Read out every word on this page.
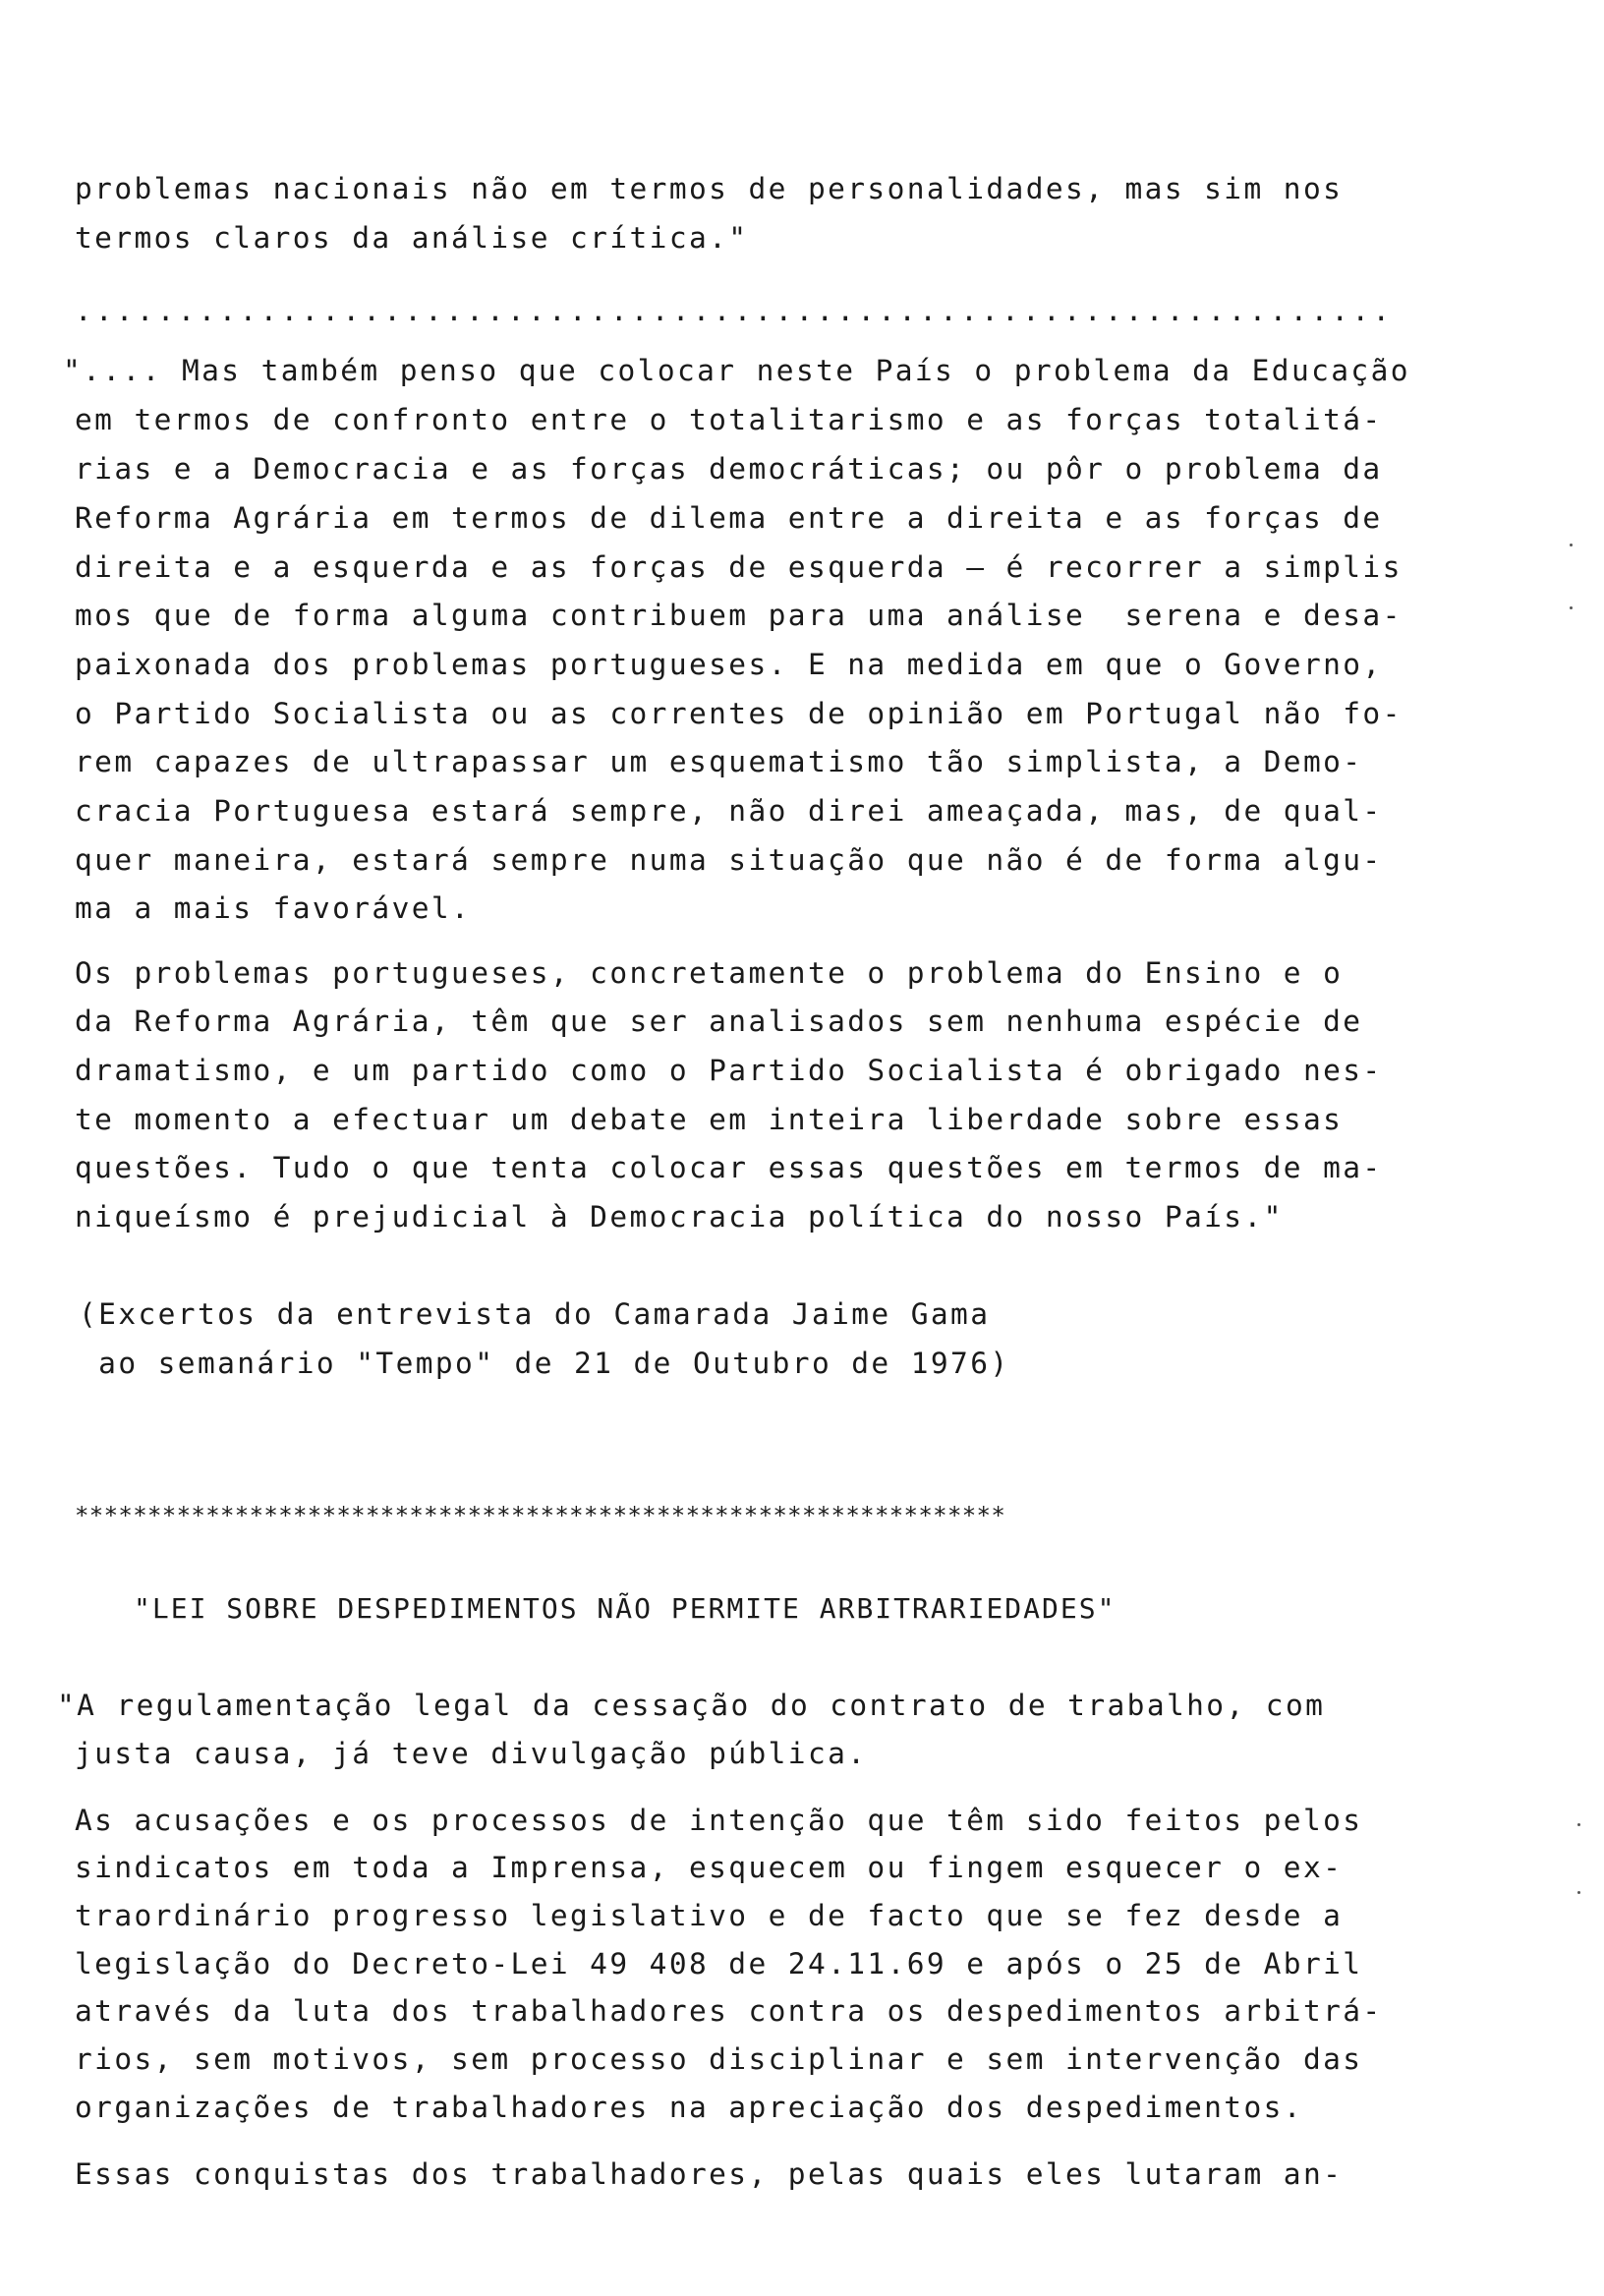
problemas nacionais não em termos de personalidades, mas sim nos
termos claros da análise crítica."
................................................................
".... Mas também penso que colocar neste País o problema da Educação
em termos de confronto entre o totalitarismo e as forças totalitá-
rias e a Democracia e as forças democráticas; ou pôr o problema da
Reforma Agrária em termos de dilema entre a direita e as forças de
direita e a esquerda e as forças de esquerda — é recorrer a simplis
mos que de forma alguma contribuem para uma análise  serena e desa-
paixonada dos problemas portugueses. E na medida em que o Governo,
o Partido Socialista ou as correntes de opinião em Portugal não fo-
rem capazes de ultrapassar um esquematismo tão simplista, a Demo-
cracia Portuguesa estará sempre, não direi ameaçada, mas, de qual-
quer maneira, estará sempre numa situação que não é de forma algu-
ma a mais favorável.
Os problemas portugueses, concretamente o problema do Ensino e o
da Reforma Agrária, têm que ser analisados sem nenhuma espécie de
dramatismo, e um partido como o Partido Socialista é obrigado nes-
te momento a efectuar um debate em inteira liberdade sobre essas
questões. Tudo o que tenta colocar essas questões em termos de ma-
niqueísmo é prejudicial à Democracia política do nosso País."
(Excertos da entrevista do Camarada Jaime Gama
ao semanário "Tempo" de 21 de Outubro de 1976)
****************************************************************
"LEI SOBRE DESPEDIMENTOS NÃO PERMITE ARBITRARIEDADES"
"A regulamentação legal da cessação do contrato de trabalho, com
justa causa, já teve divulgação pública.
As acusações e os processos de intenção que têm sido feitos pelos
sindicatos em toda a Imprensa, esquecem ou fingem esquecer o ex-
traordinário progresso legislativo e de facto que se fez desde a
legislação do Decreto-Lei 49 408 de 24.11.69 e após o 25 de Abril
através da luta dos trabalhadores contra os despedimentos arbitrá-
rios, sem motivos, sem processo disciplinar e sem intervenção das
organizações de trabalhadores na apreciação dos despedimentos.
Essas conquistas dos trabalhadores, pelas quais eles lutaram an-
